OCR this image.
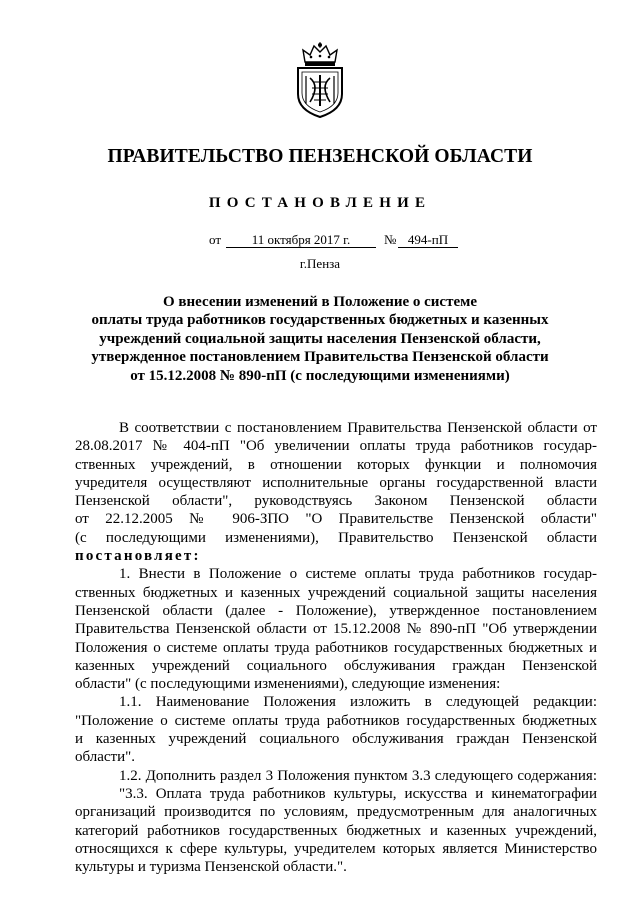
ПРАВИТЕЛЬСТВО ПЕНЗЕНСКОЙ ОБЛАСТИ
ПОСТАНОВЛЕНИЕ
от	11 октября 2017 г.	№ 494-пП
г.Пенза
О внесении изменений в Положение о системе
оплаты труда работников государственных бюджетных и казенных
учреждений социальной защиты населения Пензенской области,
утвержденное постановлением Правительства Пензенской области
от 15.12.2008 № 890-пП (с последующими изменениями)
В соответствии с постановлением Правительства Пензенской области от
28.08.2017 № 404-пП "Об увеличении оплаты труда работников государ-
ственных учреждений, в отношении которых функции и полномочия
учредителя осуществляют исполнительные органы государственной власти
Пензенской области", руководствуясь Законом Пензенской области
от 22.12.2005 № 906-ЗПО "О Правительстве Пензенской области"
(с последующими изменениями), Правительство Пензенской области
постановляет:
1. Внести в Положение о системе оплаты труда работников государ-
ственных бюджетных и казенных учреждений социальной защиты населения
Пензенской области (далее - Положение), утвержденное постановлением
Правительства Пензенской области от 15.12.2008 № 890-пП "Об утверждении
Положения о системе оплаты труда работников государственных бюджетных и
казенных учреждений социального обслуживания граждан Пензенской
области" (с последующими изменениями), следующие изменения:
1.1. Наименование Положения изложить в следующей редакции:
"Положение о системе оплаты труда работников государственных бюджетных
и казенных учреждений социального обслуживания граждан Пензенской
области".
1.2. Дополнить раздел 3 Положения пунктом 3.3 следующего содержания:
"3.3. Оплата труда работников культуры, искусства и кинематографии
организаций производится по условиям, предусмотренным для аналогичных
категорий работников государственных бюджетных и казенных учреждений,
относящихся к сфере культуры, учредителем которых является Министерство
культуры и туризма Пензенской области.".
